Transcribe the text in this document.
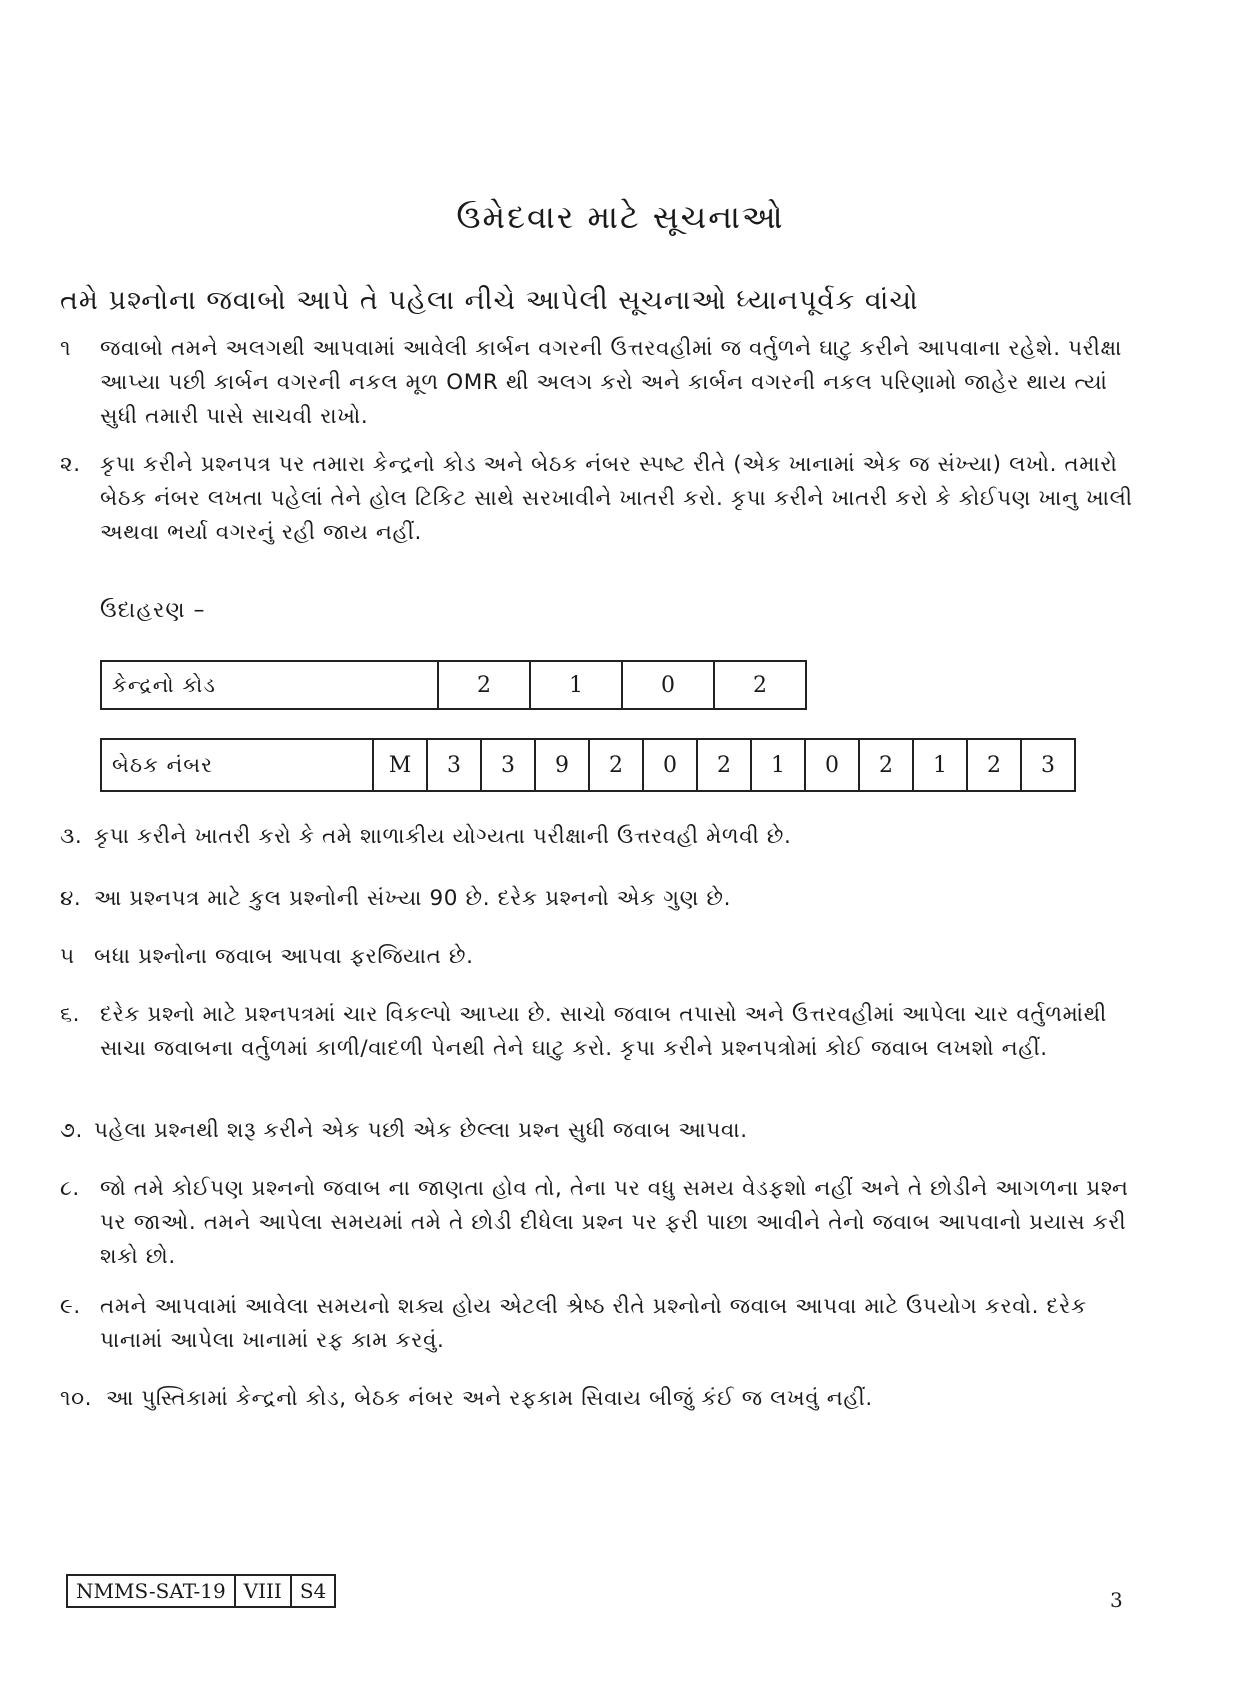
ઉમેદવાર માટે સૂચનાઓ
તમે પ્રશ્નોના જવાબો આપે તે પહેલા નીચે આપેલી સૂચનાઓ ધ્યાનપૂર્વક વાંચો
૧ જવાબો તમને અલગથી આપવામાં આવેલી કાર્બન વગરની ઉત્તરવહીમાં જ વર્તુળને ઘાટુ કરીને આપવાના રહેશે. પરીક્ષા આપ્યા પછી કાર્બન વગરની નકલ મૂળ OMR થી અલગ કરો અને કાર્બન વગરની નકલ પરિણામો જાહેર થાય ત્યાં સુધી તમારી પાસે સાચવી રાખો.
૨. કૃપા કરીને પ્રશ્નપત્ર પર તમારા કેન્દ્રનો કોડ અને બેઠક નંબર સ્પષ્ટ રીતે (એક ખાનામાં એક જ સંખ્યા) લખો. તમારો બેઠક નંબર લખતા પહેલાં તેને હોલ ટિકિટ સાથે સરખાવીને ખાતરી કરો. કૃપા કરીને ખાતરી કરો કે કોઈપણ ખાનુ ખાલી અથવા ભર્યા વગરનું રહી જાય નહીં.
ઉદાહરણ –
કેન્દ્રનો કોડ	2	1	0	2
બેઠક નંબર	M	3	3	9	2	0	2	1	0	2	1	2	3
૩. કૃપા કરીને ખાતરી કરો કે તમે શાળાકીય યોગ્યતા પરીક્ષાની ઉત્તરવહી મેળવી છે.
૪. આ પ્રશ્નપત્ર માટે કુલ પ્રશ્નોની સંખ્યા 90 છે. દરેક પ્રશ્નનો એક ગુણ છે.
૫ બધા પ્રશ્નોના જવાબ આપવા ફરજિયાત છે.
૬. દરેક પ્રશ્નો માટે પ્રશ્નપત્રમાં ચાર વિકલ્પો આપ્યા છે. સાચો જવાબ તપાસો અને ઉત્તરવહીમાં આપેલા ચાર વર્તુળમાંથી સાચા જવાબના વર્તુળમાં કાળી/વાદળી પેનથી તેને ઘાટુ કરો. કૃપા કરીને પ્રશ્નપત્રોમાં કોઈ જવાબ લખશો નહીં.
૭. પહેલા પ્રશ્નથી શરૂ કરીને એક પછી એક છેલ્લા પ્રશ્ન સુધી જવાબ આપવા.
૮. જો તમે કોઈપણ પ્રશ્નનો જવાબ ના જાણતા હોવ તો, તેના પર વધુ સમય વેડફશો નહીં અને તે છોડીને આગળના પ્રશ્ન પર જાઓ. તમને આપેલા સમયમાં તમે તે છોડી દીધેલા પ્રશ્ન પર ફરી પાછા આવીને તેનો જવાબ આપવાનો પ્રયાસ કરી શકો છો.
૯. તમને આપવામાં આવેલા સમયનો શક્ય હોય એટલી શ્રેષ્ઠ રીતે પ્રશ્નોનો જવાબ આપવા માટે ઉપયોગ કરવો. દરેક પાનામાં આપેલા ખાનામાં રફ કામ કરવું.
૧૦. આ પુસ્તિકામાં કેન્દ્રનો કોડ, બેઠક નંબર અને રફકામ સિવાય બીજું કંઈ જ લખવું નહીં.
NMMS-SAT-19	VIII	S4	3
